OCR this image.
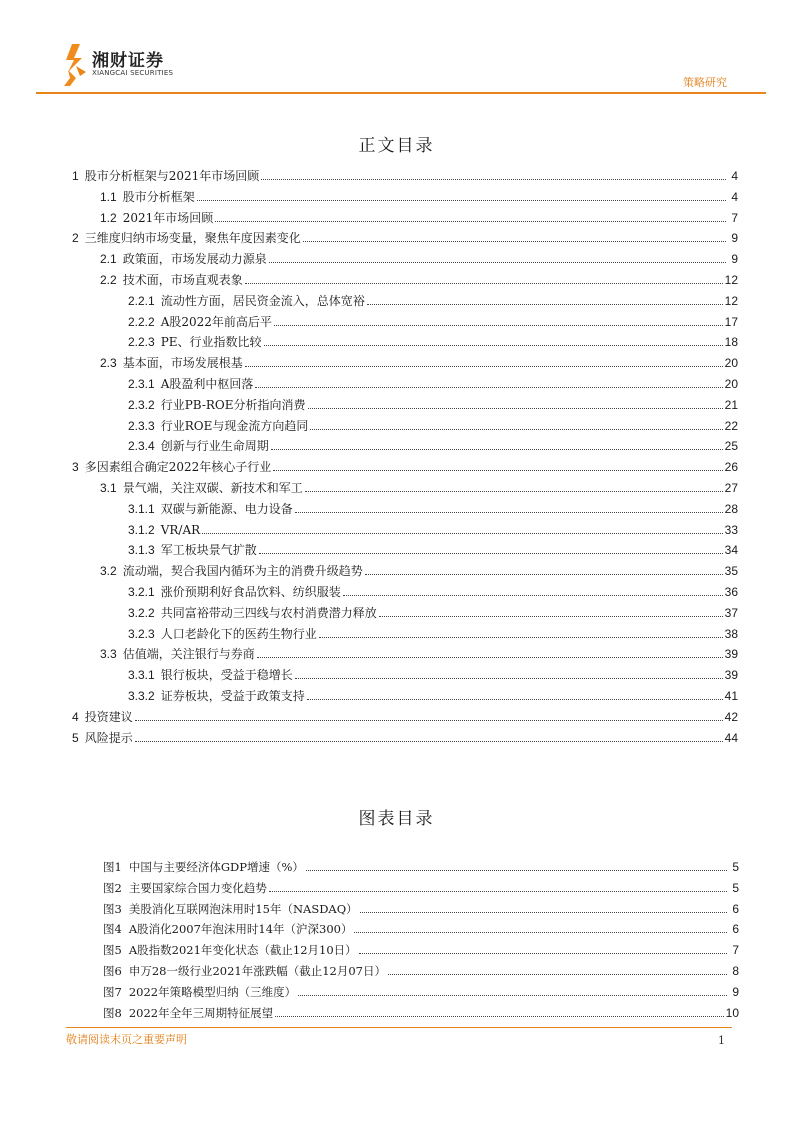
湘财证券
XIANGCAI SECURITIES
策略研究
正文目录
1 股市分析框架与2021年市场回顾	4
1.1 股市分析框架	4
1.2 2021年市场回顾	7
2 三维度归纳市场变量，聚焦年度因素变化	9
2.1 政策面，市场发展动力源泉	9
2.2 技术面，市场直观表象	12
2.2.1 流动性方面，居民资金流入，总体宽裕	12
2.2.2 A股2022年前高后平	17
2.2.3 PE、行业指数比较	18
2.3 基本面，市场发展根基	20
2.3.1 A股盈利中枢回落	20
2.3.2 行业PB-ROE分析指向消费	21
2.3.3 行业ROE与现金流方向趋同	22
2.3.4 创新与行业生命周期	25
3 多因素组合确定2022年核心子行业	26
3.1 景气端，关注双碳、新技术和军工	27
3.1.1 双碳与新能源、电力设备	28
3.1.2 VR/AR	33
3.1.3 军工板块景气扩散	34
3.2 流动端，契合我国内循环为主的消费升级趋势	35
3.2.1 涨价预期利好食品饮料、纺织服装	36
3.2.2 共同富裕带动三四线与农村消费潜力释放	37
3.2.3 人口老龄化下的医药生物行业	38
3.3 估值端，关注银行与券商	39
3.3.1 银行板块，受益于稳增长	39
3.3.2 证券板块，受益于政策支持	41
4 投资建议	42
5 风险提示	44
图表目录
图1 中国与主要经济体GDP增速（%）	5
图2 主要国家综合国力变化趋势	5
图3 美股消化互联网泡沫用时15年（NASDAQ）	6
图4 A股消化2007年泡沫用时14年（沪深300）	6
图5 A股指数2021年变化状态（截止12月10日）	7
图6 申万28一级行业2021年涨跌幅（截止12月07日）	8
图7 2022年策略模型归纳（三维度）	9
图8 2022年全年三周期特征展望	10
敬请阅读末页之重要声明	1
